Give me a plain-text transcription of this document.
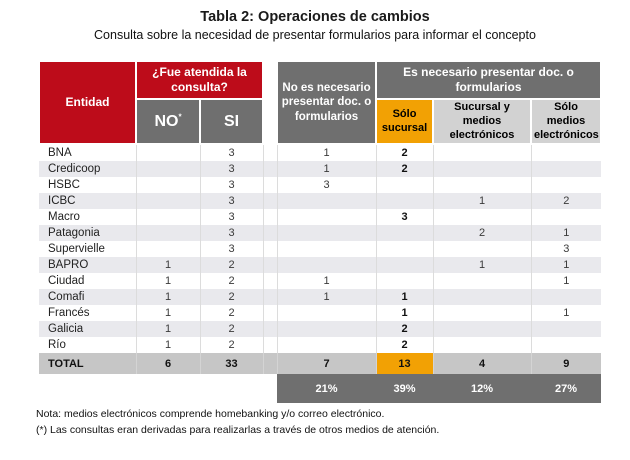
Tabla 2: Operaciones de cambios
Consulta sobre la necesidad de presentar formularios para informar el concepto
Entidad	¿Fue atendida la consulta?			No es necesario presentar doc. o formularios	Es necesario presentar doc. o formularios		
	NO*	SI			Sólo sucursal	Sucursal y medios electrónicos	Sólo medios electrónicos
BNA		3		1	2		
Credicoop		3		1	2		
HSBC		3		3			
ICBC		3				1	2
Macro		3			3		
Patagonia		3				2	1
Supervielle		3					3
BAPRO	1	2				1	1
Ciudad	1	2		1			1
Comafi	1	2		1	1		
Francés	1	2			1		1
Galicia	1	2			2		
Río	1	2			2		
TOTAL	6	33		7	13	4	9
				21%	39%	12%	27%
Nota: medios electrónicos comprende homebanking y/o correo electrónico.
(*) Las consultas eran derivadas para realizarlas a través de otros medios de atención.
